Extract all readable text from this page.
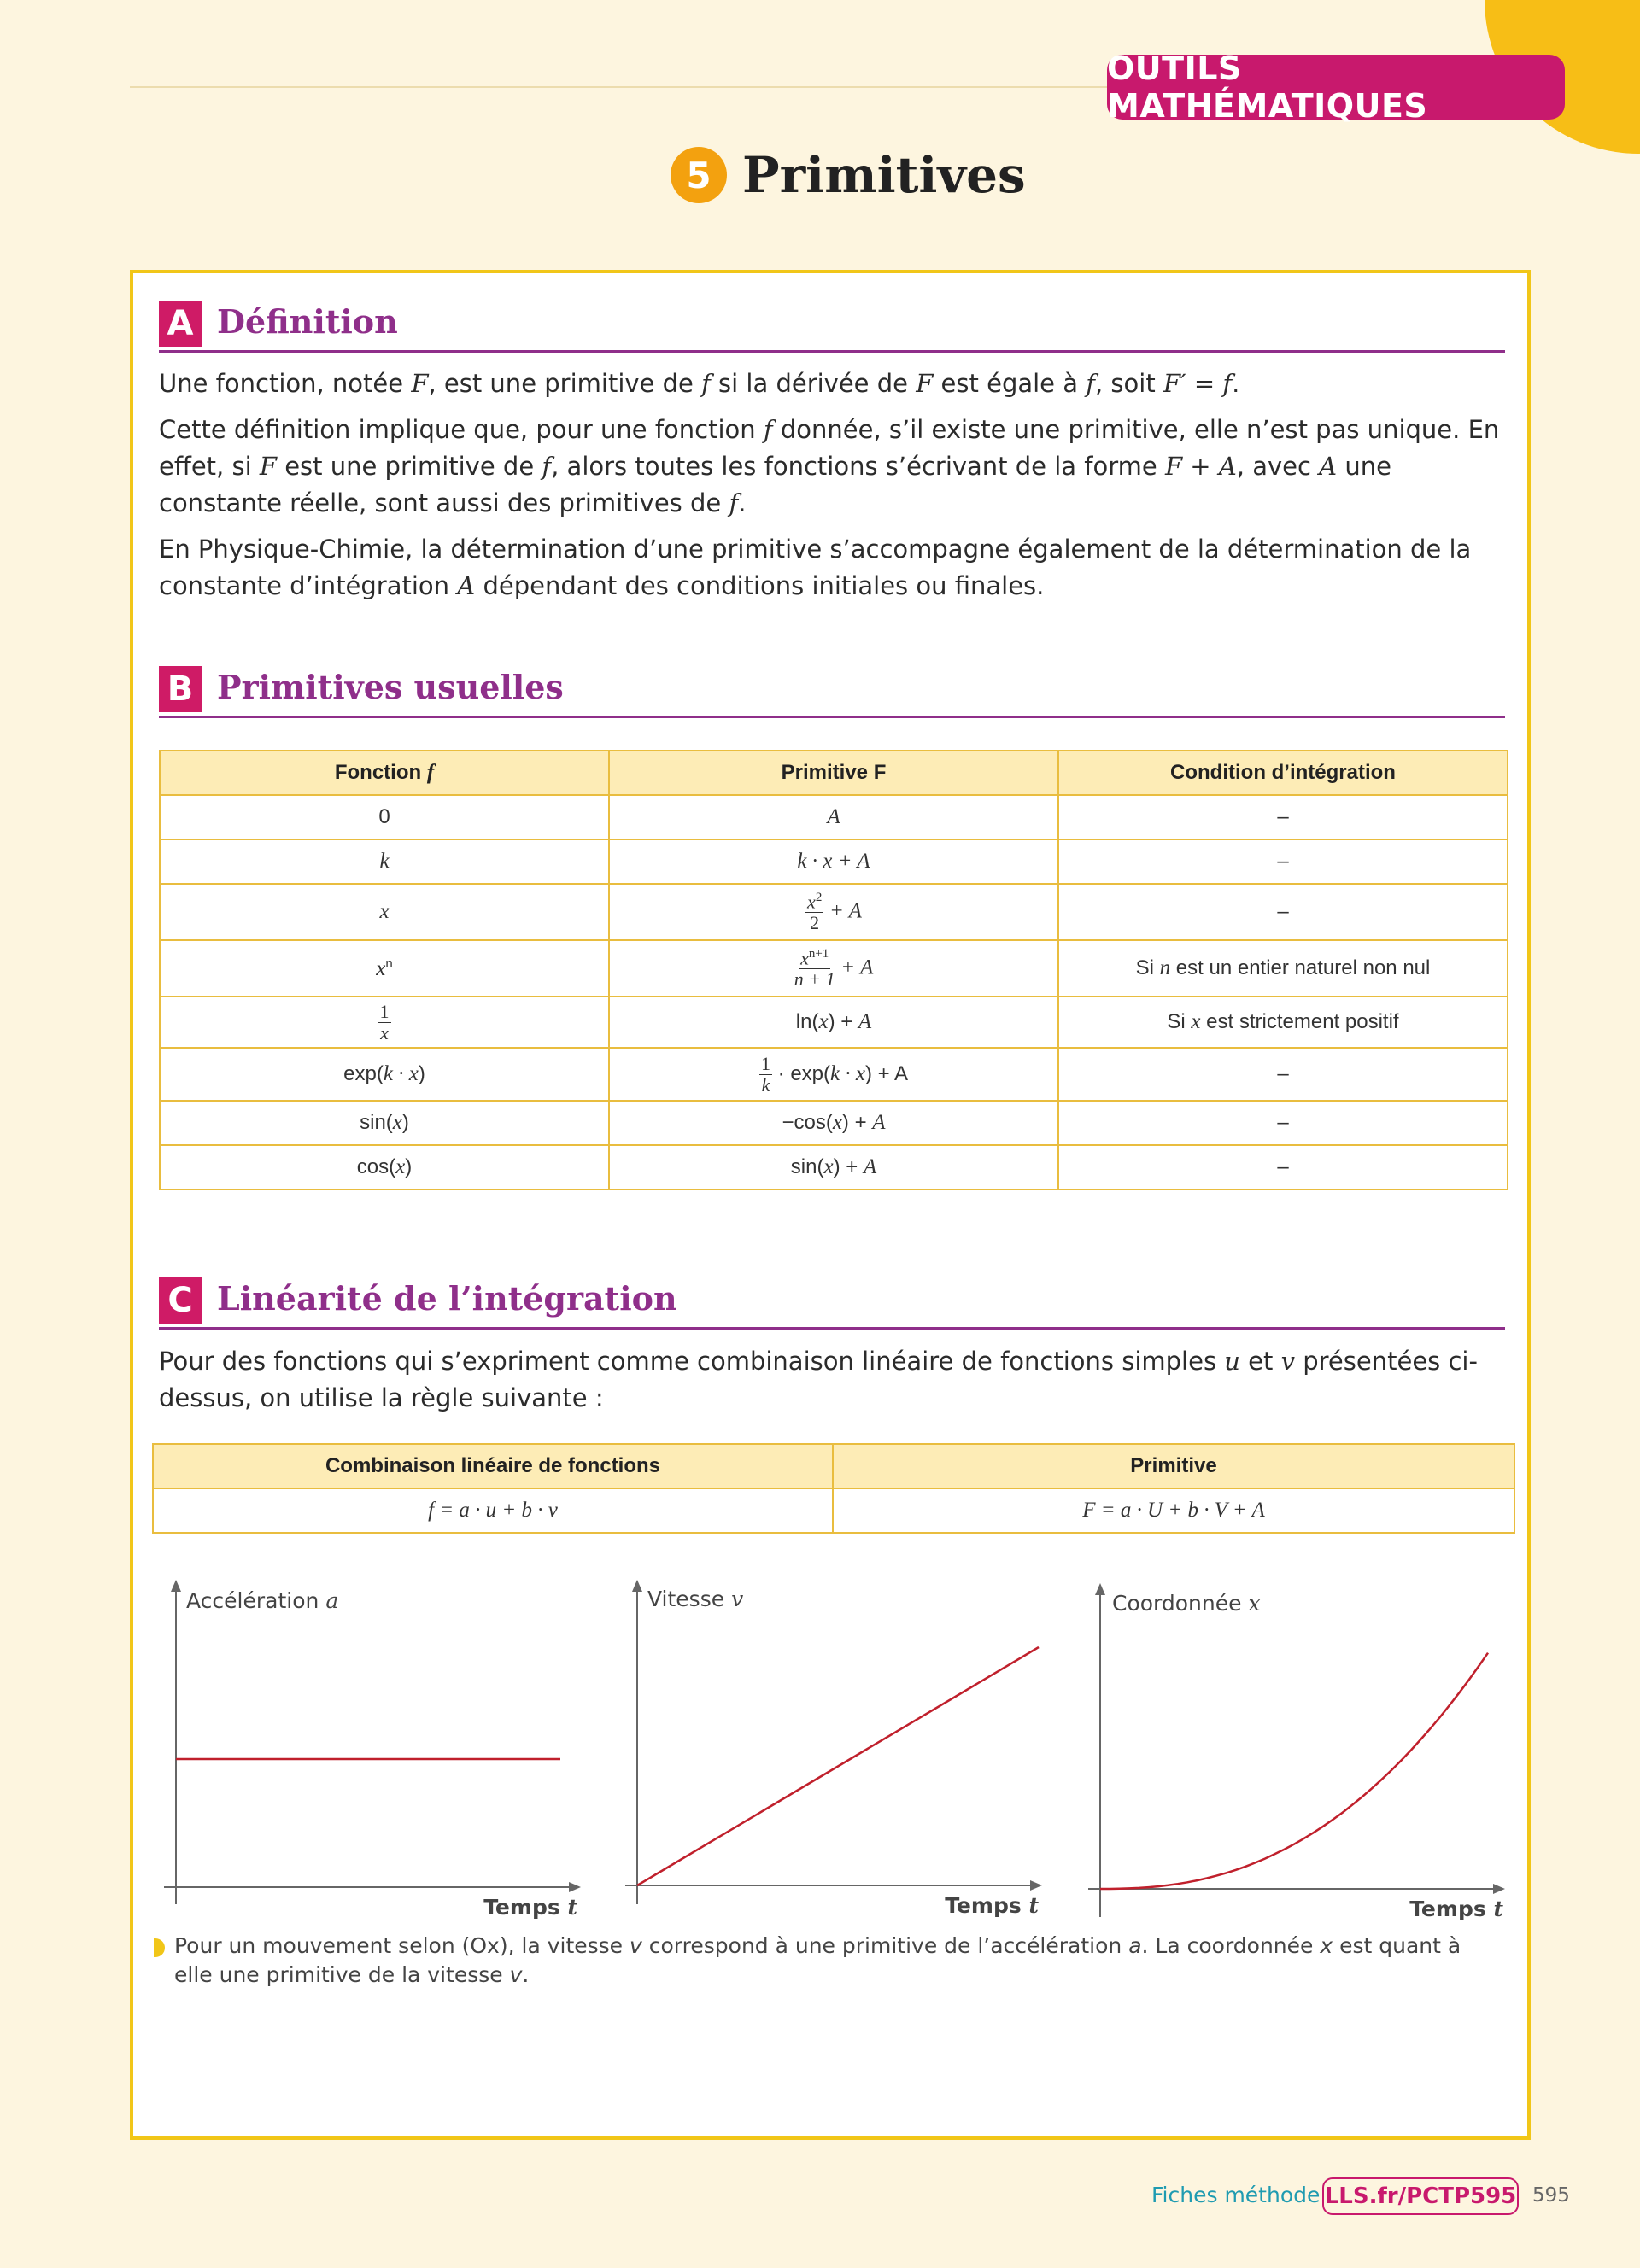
OUTILS MATHÉMATIQUES
5 Primitives
A Définition

Une fonction, notée F, est une primitive de f si la dérivée de F est égale à f, soit F′ = f.

Cette définition implique que, pour une fonction f donnée, s’il existe une primitive, elle n’est pas unique. En effet, si F est une primitive de f, alors toutes les fonctions s’écrivant de la forme F + A, avec A une constante réelle, sont aussi des primitives de f.

En Physique-Chimie, la détermination d’une primitive s’accompagne également de la détermination de la constante d’intégration A dépendant des conditions initiales ou finales.

B Primitives usuelles
Fonction f	Primitive F	Condition d’intégration
0	A	–
k	k · x + A	–
x	$\frac{x^2}{2} + A$	–
$x^n$	$\frac{x^{n+1}}{n + 1} + A$	Si n est un entier naturel non nul

$\frac{1}{x}$	ln(x) + A	Si x est strictement positif
exp(k · x)	$\frac{1}{k} \cdot \exp(k \cdot x) + A$	–
sin(x)	−cos(x) + A	–
cos(x)	sin(x) + A	–
C Linéarité de l’intégration

Pour des fonctions qui s’expriment comme combinaison linéaire de fonctions simples u et v présentées ci-dessus, on utilise la règle suivante :

Combinaison linéaire de fonctions	Primitive
f = a · u + b · v	F = a · U + b · V + A
Accélération a
Temps t
Vitesse v
Temps t
Coordonnée x
Temps t

Pour un mouvement selon (Ox), la vitesse v correspond à une primitive de l’accélération a. La coordonnée x est quant à elle une primitive de la vitesse v.

Fiches méthode LLS.fr/PCTP595 595
